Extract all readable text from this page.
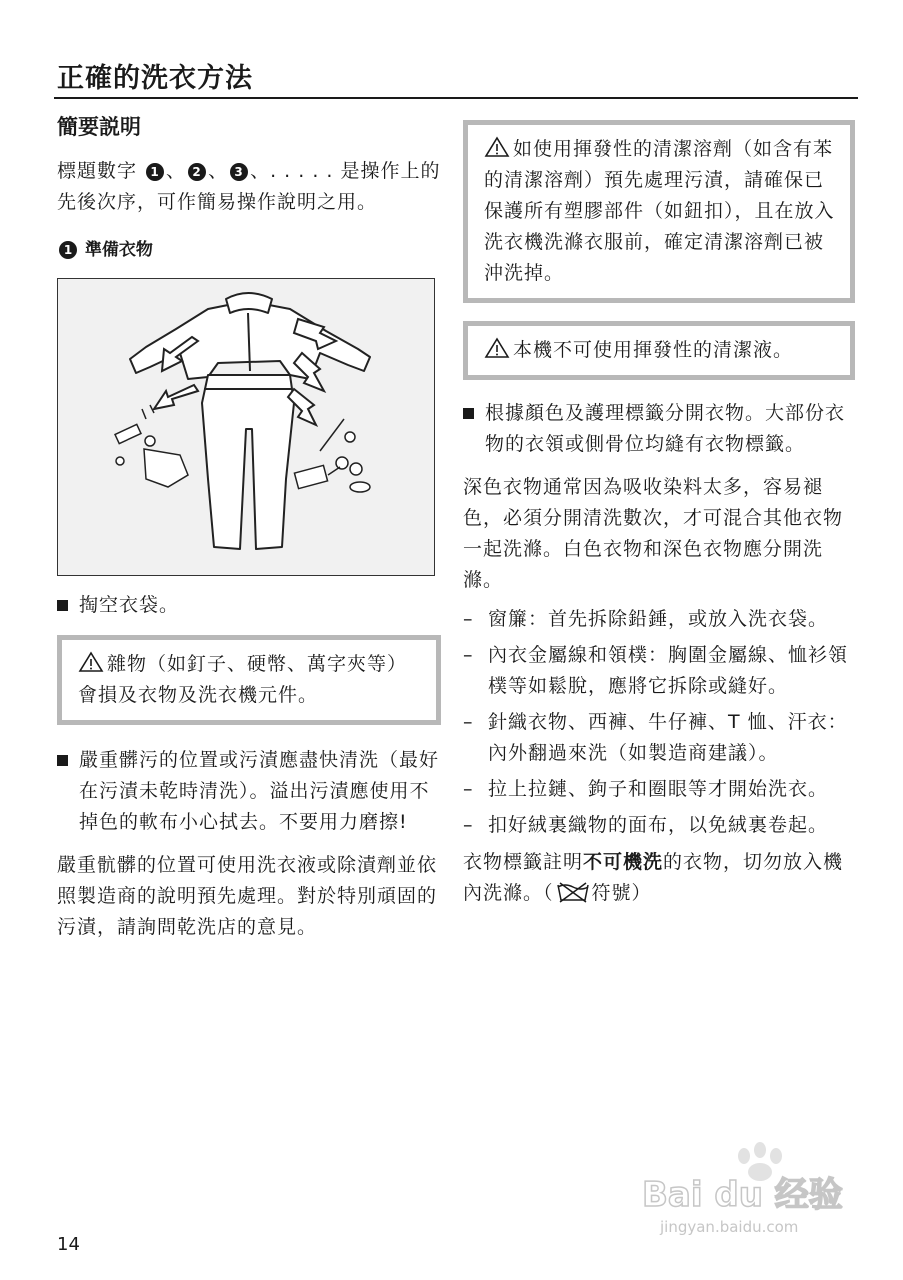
正確的洗衣方法
簡要説明

標題數字 1 、 2 、 3 、. . . . . 是操作上的先後次序，可作簡易操作說明之用。

1 準備衣物
掏空衣袋。

雜物（如釘子、硬幣、萬字夾等）會損及衣物及洗衣機元件。

嚴重髒污的位置或污漬應盡快清洗（最好在污漬未乾時清洗）。溢出污漬應使用不掉色的軟布小心拭去。不要用力磨擦!

嚴重骯髒的位置可使用洗衣液或除漬劑並依照製造商的說明預先處理。對於特別頑固的污漬，請詢問乾洗店的意見。

如使用揮發性的清潔溶劑（如含有苯的清潔溶劑）預先處理污漬，請確保已保護所有塑膠部件（如鈕扣），且在放入洗衣機洗滌衣服前，確定清潔溶劑已被沖洗掉。

本機不可使用揮發性的清潔液。

根據顏色及護理標籤分開衣物。大部份衣物的衣領或側骨位均縫有衣物標籤。

深色衣物通常因為吸收染料太多，容易褪色，必須分開清洗數次，才可混合其他衣物一起洗滌。白色衣物和深色衣物應分開洗滌。

– 窗簾：首先拆除鉛錘，或放入洗衣袋。
– 內衣金屬線和領樸：胸圍金屬線、恤衫領樸等如鬆脫，應將它拆除或縫好。
– 針織衣物、西褲、牛仔褲、T 恤、汗衣：內外翻過來洗（如製造商建議）。
– 拉上拉鏈、鉤子和圈眼等才開始洗衣。
– 扣好絨裏織物的面布，以免絨裏卷起。

衣物標籤註明不可機洗的衣物，切勿放入機內洗滌。（ 符號）

14
Bai du 经验
jingyan.baidu.com
